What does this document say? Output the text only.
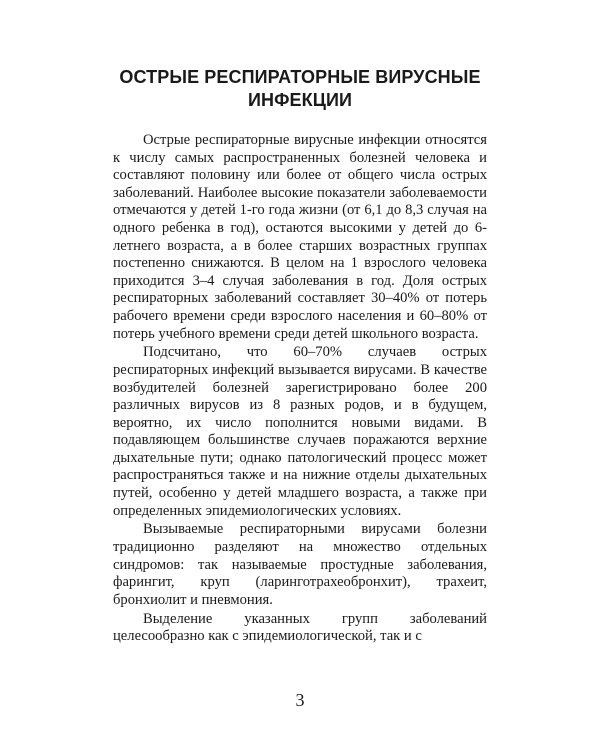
ОСТРЫЕ РЕСПИРАТОРНЫЕ ВИРУСНЫЕ
ИНФЕКЦИИ

Острые респираторные вирусные инфекции относятся к числу самых распространенных болезней человека и составляют половину или более от общего числа острых заболеваний. Наиболее высокие показатели заболеваемости отмечаются у детей 1-го года жизни (от 6,1 до 8,3 случая на одного ребенка в год), остаются высокими у детей до 6-летнего возраста, а в более старших возрастных группах постепенно снижаются. В целом на 1 взрослого человека приходится 3–4 случая заболевания в год. Доля острых респираторных заболеваний составляет 30–40% от потерь рабочего времени среди взрослого населения и 60–80% от потерь учебного времени среди детей школьного возраста.

Подсчитано, что 60–70% случаев острых респираторных инфекций вызывается вирусами. В качестве возбудителей болезней зарегистрировано более 200 различных вирусов из 8 разных родов, и в будущем, вероятно, их число пополнится новыми видами. В подавляющем большинстве случаев поражаются верхние дыхательные пути; однако патологический процесс может распространяться также и на нижние отделы дыхательных путей, особенно у детей младшего возраста, а также при определенных эпидемиологических условиях.

Вызываемые респираторными вирусами болезни традиционно разделяют на множество отдельных синдромов: так называемые простудные заболевания, фарингит, круп (ларинготрахеобронхит), трахеит, бронхиолит и пневмония.

Выделение указанных групп заболеваний целесообразно как с эпидемиологической, так и с

3
